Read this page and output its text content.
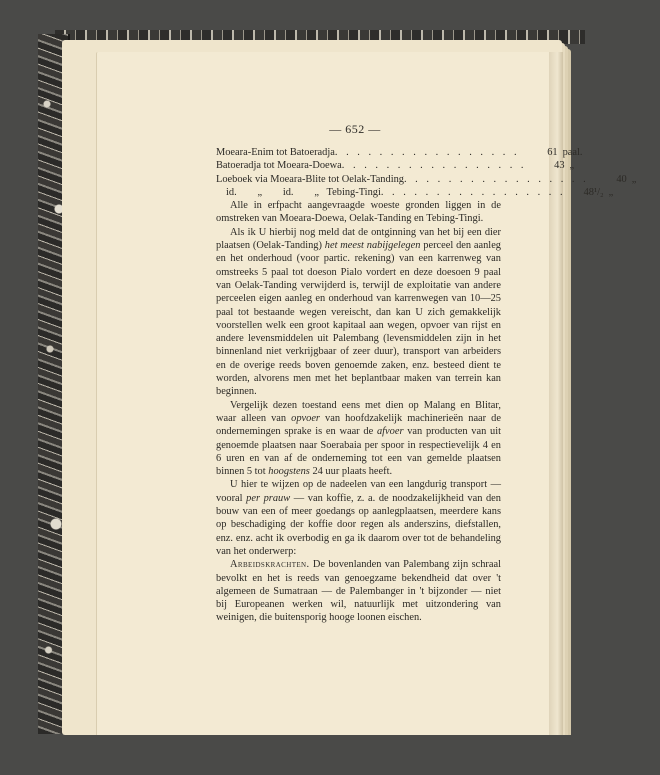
— 652 —
Moeara-Enim tot Batoeradja . . . . . . . . . . . . . . . . .	61 paal.
Batoeradja tot Moeara-Doewa . . . . . . . . . . . . . . . . .	43 „
Loeboek via Moeara-Blite tot Oelak-Tanding . . . . . . . . . . . . . . . . .	40 „
id.        „        id.        „   Tebing-Tingi . . . . . . . . . . . . . . . . .	48¹/₂ „

Alle in erfpacht aangevraagde woeste gronden liggen in de omstreken van Moeara-Doewa, Oelak-Tanding en Tebing-Tingi.

Als ik U hierbij nog meld dat de ontginning van het bij een dier plaatsen (Oelak-Tanding) het meest nabijgelegen perceel den aanleg en het onderhoud (voor partic. rekening) van een karrenweg van omstreeks 5 paal tot doeson Pialo vordert en deze doesoen 9 paal van Oelak-Tanding verwijderd is, terwijl de exploitatie van andere perceelen eigen aanleg en onderhoud van karrenwegen van 10—25 paal tot bestaande wegen vereischt, dan kan U zich gemakkelijk voorstellen welk een groot kapitaal aan wegen, opvoer van rijst en andere levensmiddelen uit Palembang (levensmiddelen zijn in het binnenland niet verkrijgbaar of zeer duur), transport van arbeiders en de overige reeds boven genoemde zaken, enz. besteed dient te worden, alvorens men met het beplantbaar maken van terrein kan beginnen.

Vergelijk dezen toestand eens met dien op Malang en Blitar, waar alleen van opvoer van hoofdzakelijk machinerieën naar de ondernemingen sprake is en waar de afvoer van producten van uit genoemde plaatsen naar Soerabaia per spoor in respectievelijk 4 en 6 uren en van af de onderneming tot een van gemelde plaatsen binnen 5 tot hoogstens 24 uur plaats heeft.

U hier te wijzen op de nadeelen van een langdurig transport — vooral per prauw — van koffie, z. a. de noodzakelijkheid van den bouw van een of meer goedangs op aanlegplaatsen, meerdere kans op beschadiging der koffie door regen als anderszins, diefstallen, enz. enz. acht ik overbodig en ga ik daarom over tot de behandeling van het onderwerp:

Arbeidskrachten. De bovenlanden van Palembang zijn schraal bevolkt en het is reeds van genoegzame bekendheid dat over 't algemeen de Sumatraan — de Palembanger in 't bijzonder — niet bij Europeanen werken wil, natuurlijk met uitzondering van weinigen, die buitensporig hooge loonen eischen.
